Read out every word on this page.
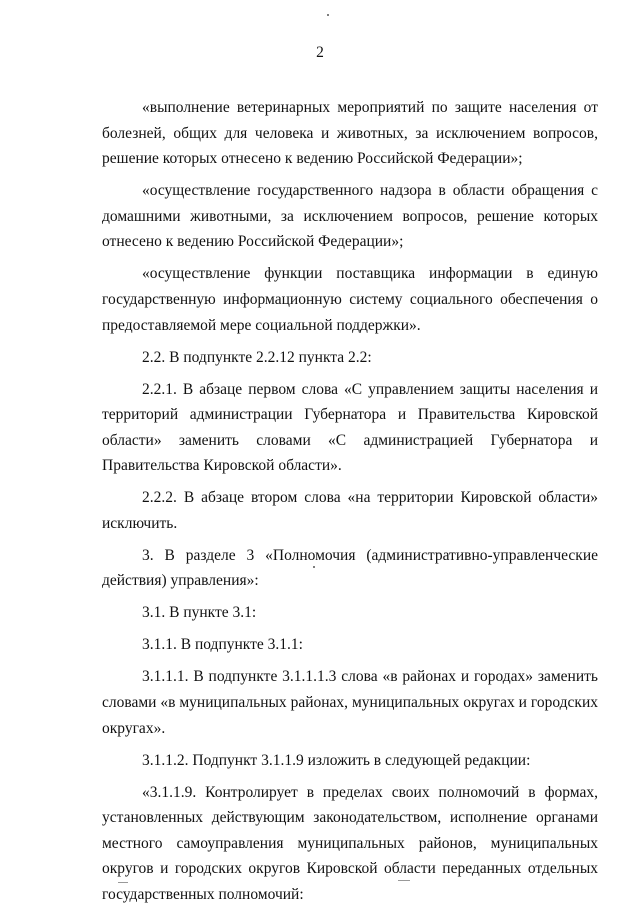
2

«выполнение ветеринарных мероприятий по защите населения от болезней, общих для человека и животных, за исключением вопросов, решение которых отнесено к ведению Российской Федерации»;

«осуществление государственного надзора в области обращения с домашними животными, за исключением вопросов, решение которых отнесено к ведению Российской Федерации»;

«осуществление функции поставщика информации в единую государственную информационную систему социального обеспечения о предоставляемой мере социальной поддержки».

2.2. В подпункте 2.2.12 пункта 2.2:

2.2.1. В абзаце первом слова «С управлением защиты населения и территорий администрации Губернатора и Правительства Кировской области» заменить словами «С администрацией Губернатора и Правительства Кировской области».

2.2.2. В абзаце втором слова «на территории Кировской области» исключить.

3. В разделе 3 «Полномочия (административно-управленческие действия) управления»:

3.1. В пункте 3.1:

3.1.1. В подпункте 3.1.1:

3.1.1.1. В подпункте 3.1.1.1.3 слова «в районах и городах» заменить словами «в муниципальных районах, муниципальных округах и городских округах».

3.1.1.2. Подпункт 3.1.1.9 изложить в следующей редакции:

«3.1.1.9. Контролирует в пределах своих полномочий в формах, установленных действующим законодательством, исполнение органами местного самоуправления муниципальных районов, муниципальных округов и городских округов Кировской области переданных отдельных государственных полномочий:
